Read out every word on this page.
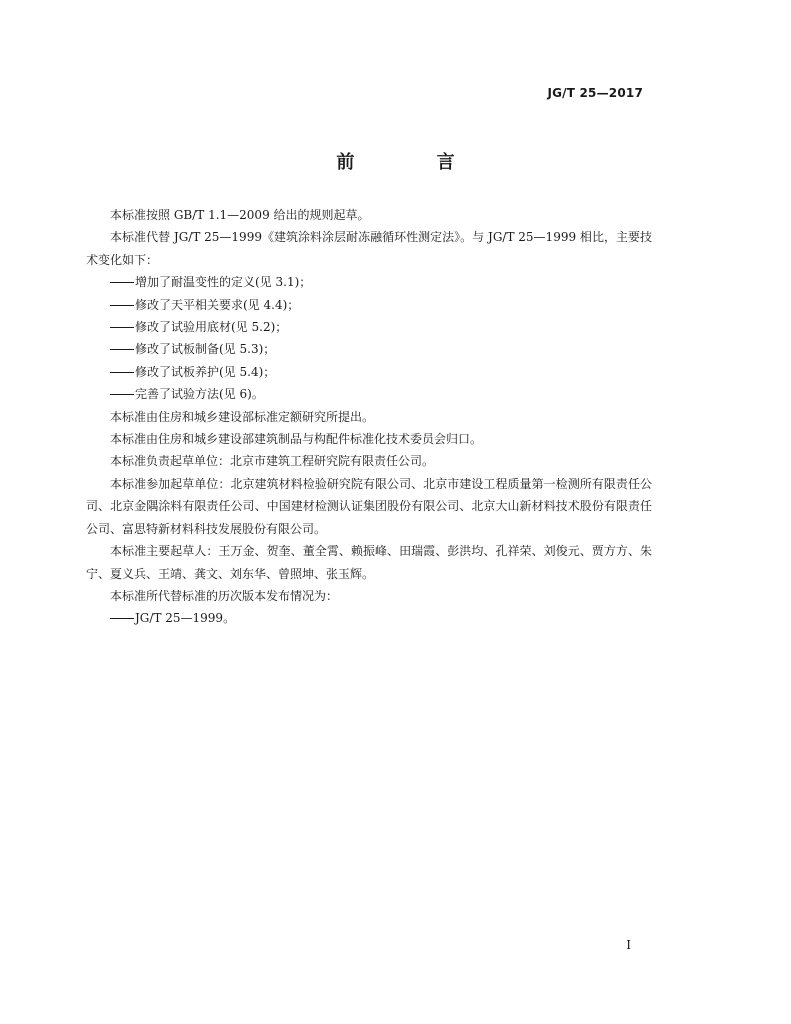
JG/T 25—2017
前 言

本标准按照 GB/T 1.1—2009 给出的规则起草。

本标准代替 JG/T 25—1999《建筑涂料涂层耐冻融循环性测定法》。与 JG/T 25—1999 相比，主要技术变化如下：

增加了耐温变性的定义(见 3.1)；

修改了天平相关要求(见 4.4)；

修改了试验用底材(见 5.2)；

修改了试板制备(见 5.3)；

修改了试板养护(见 5.4)；

完善了试验方法(见 6)。

本标准由住房和城乡建设部标准定额研究所提出。

本标准由住房和城乡建设部建筑制品与构配件标准化技术委员会归口。

本标准负责起草单位：北京市建筑工程研究院有限责任公司。

本标准参加起草单位：北京建筑材料检验研究院有限公司、北京市建设工程质量第一检测所有限责任公司、北京金隅涂料有限责任公司、中国建材检测认证集团股份有限公司、北京大山新材料技术股份有限责任公司、富思特新材料科技发展股份有限公司。

本标准主要起草人：王万金、贺奎、董全霄、赖振峰、田瑞霞、彭洪均、孔祥荣、刘俊元、贾方方、朱宁、夏义兵、王靖、龚文、刘东华、曾照坤、张玉辉。

本标准所代替标准的历次版本发布情况为：

JG/T 25—1999。

I
